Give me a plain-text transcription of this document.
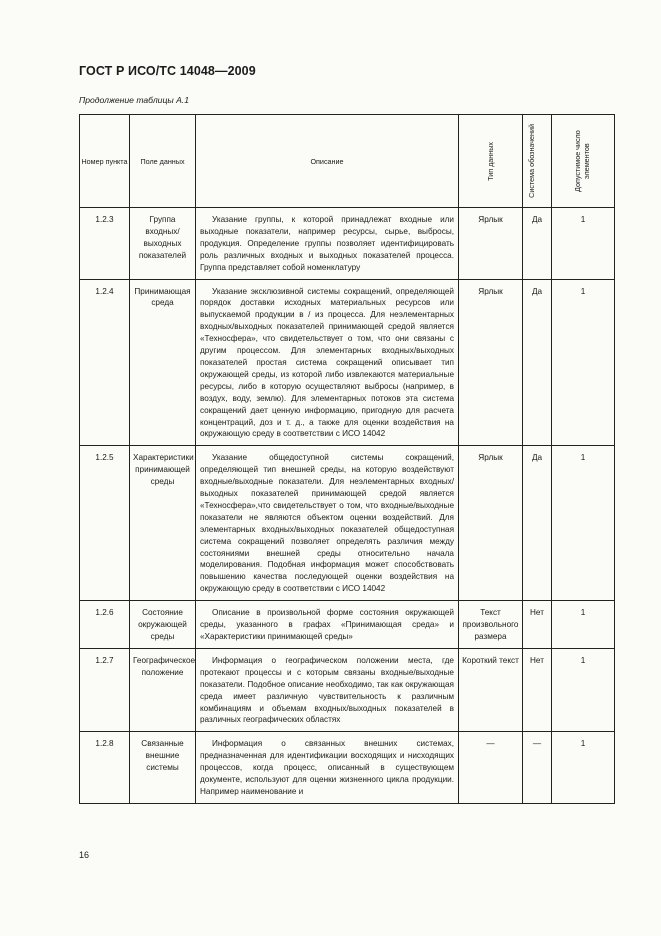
ГОСТ Р ИСО/ТС 14048—2009
Продолжение таблицы А.1
Номер пункта	Поле данных	Описание	Тип данных	Система обозначений	Допустимое число элементов

1.2.3	Группа входных/ выходных показателей	Указание группы, к которой принадлежат входные или выходные показатели, например ресурсы, сырье, выбросы, продукция. Определение группы позволяет идентифицировать роль различных входных и выходных показателей процесса. Группа представляет собой номенклатуру	Ярлык	Да	1
1.2.4	Принимающая среда	Указание эксклюзивной системы сокращений, определяющей порядок доставки исходных материальных ресурсов или выпускаемой продукции в / из процесса. Для неэлементарных входных/выходных показателей принимающей средой является «Техносфера», что свидетельствует о том, что они связаны с другим процессом. Для элементарных входных/выходных показателей простая система сокращений описывает тип окружающей среды, из которой либо извлекаются материальные ресурсы, либо в которую осуществляют выбросы (например, в воздух, воду, землю). Для элементарных потоков эта система сокращений дает ценную информацию, пригодную для расчета концентраций, доз и т. д., а также для оценки воздействия на окружающую среду в соответствии с ИСО 14042	Ярлык	Да	1
1.2.5	Характеристики принимающей среды	Указание общедоступной системы сокращений, определяющей тип внешней среды, на которую воздействуют входные/выходные показатели. Для неэлементарных входных/выходных показателей принимающей средой является «Техносфера»,что свидетельствует о том, что входные/выходные показатели не являются объектом оценки воздействий. Для элементарных входных/выходных показателей общедоступная система сокращений позволяет определять различия между состояниями внешней среды относительно начала моделирования. Подобная информация может способствовать повышению качества последующей оценки воздействия на окружающую среду в соответствии с ИСО 14042	Ярлык	Да	1
1.2.6	Состояние окружающей среды	Описание в произвольной форме состояния окружающей среды, указанного в графах «Принимающая среда» и «Характеристики принимающей среды»	Текст произвольного размера	Нет	1
1.2.7	Географическое положение	Информация о географическом положении места, где протекают процессы и с которым связаны входные/выходные показатели. Подобное описание необходимо, так как окружающая среда имеет различную чувствительность к различным комбинациям и объемам входных/выходных показателей в различных географических областях	Короткий текст	Нет	1
1.2.8	Связанные внешние системы	Информация о связанных внешних системах, предназначенная для идентификации восходящих и нисходящих процессов, когда процесс, описанный в существующем документе, используют для оценки жизненного цикла продукции. Например наименование и	—	—	1
16
